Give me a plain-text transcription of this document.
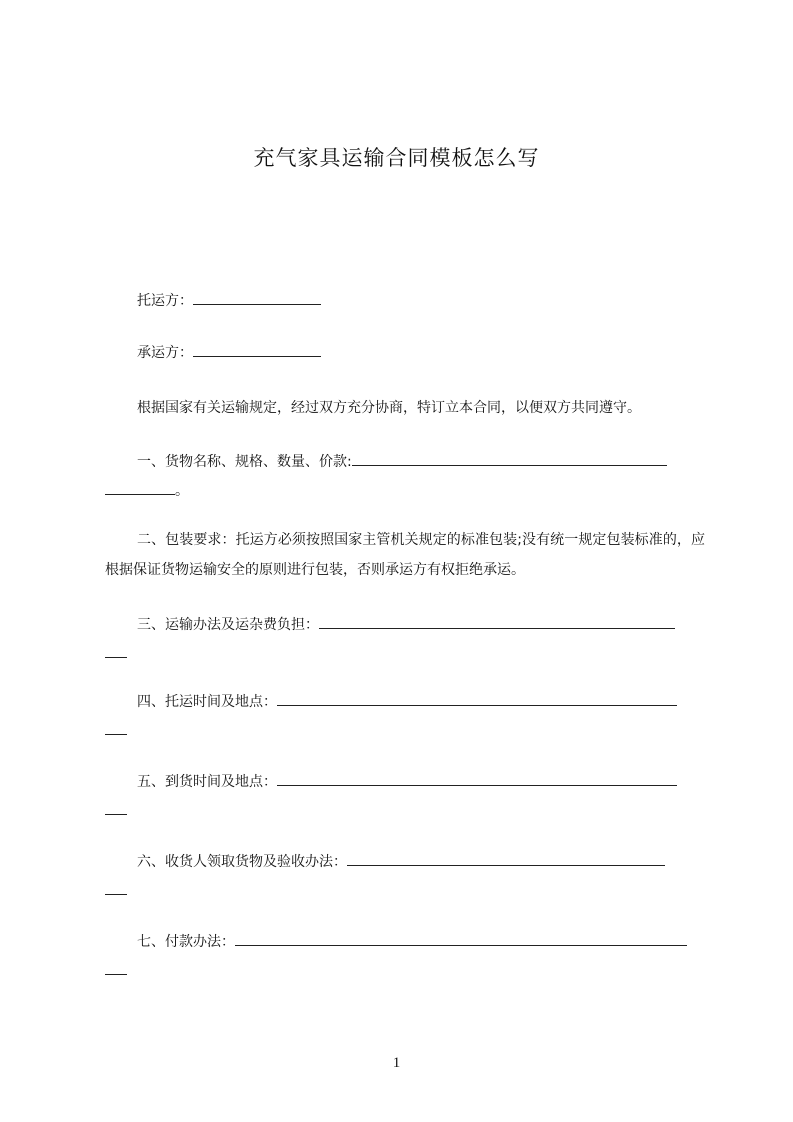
充气家具运输合同模板怎么写
托运方：
承运方：
根据国家有关运输规定，经过双方充分协商，特订立本合同，以便双方共同遵守。
一、货物名称、规格、数量、价款:
。
二、包装要求：托运方必须按照国家主管机关规定的标准包装;没有统一规定包装标准的，应根据保证货物运输安全的原则进行包装，否则承运方有权拒绝承运。
三、运输办法及运杂费负担：
四、托运时间及地点：
五、到货时间及地点：
六、收货人领取货物及验收办法：
七、付款办法：
1
